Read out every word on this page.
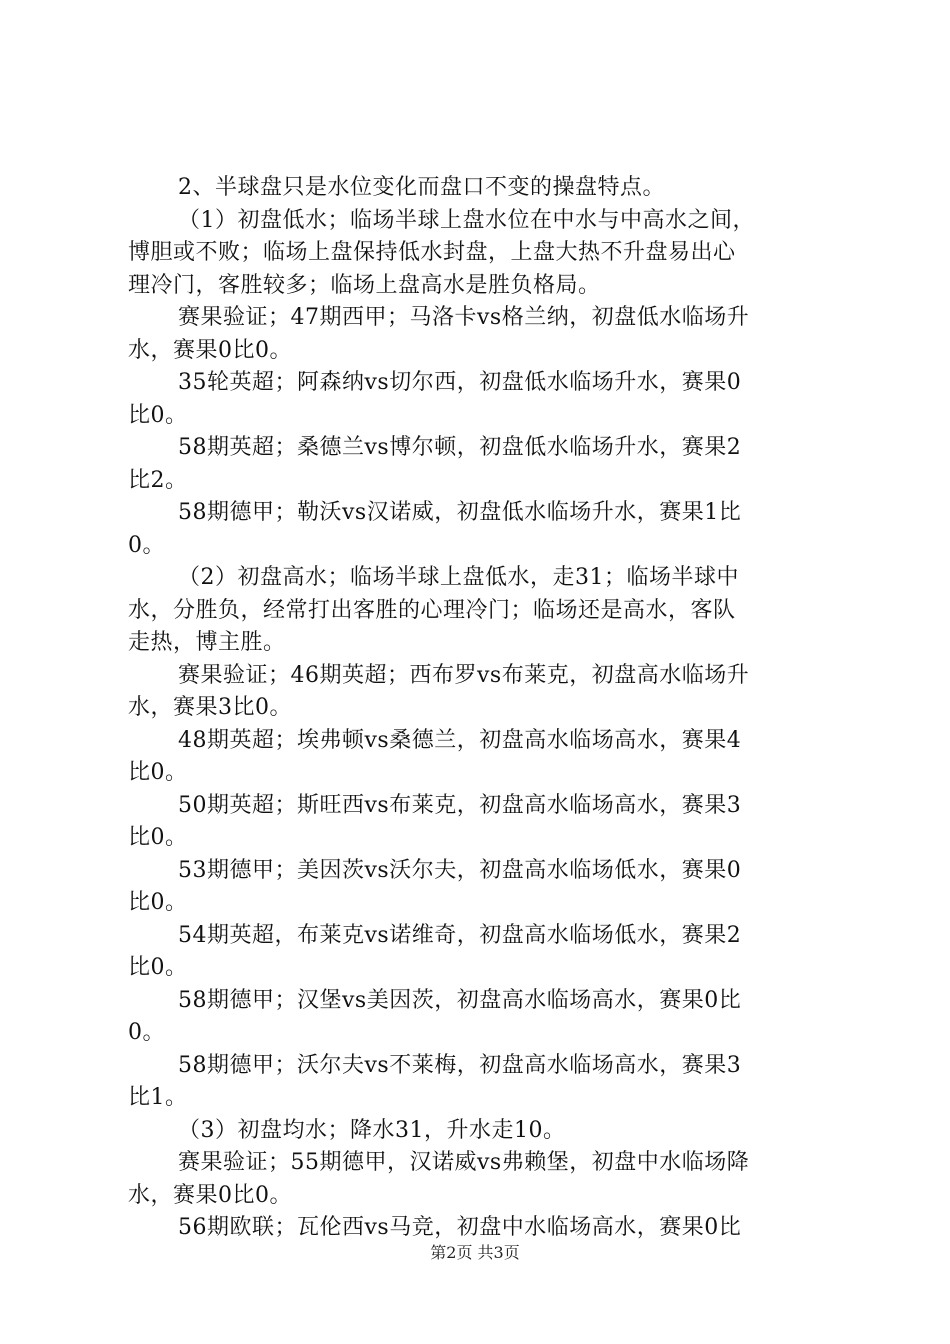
2、半球盘只是水位变化而盘口不变的操盘特点。
（1）初盘低水；临场半球上盘水位在中水与中高水之间，
博胆或不败；临场上盘保持低水封盘，上盘大热不升盘易出心
理冷门，客胜较多；临场上盘高水是胜负格局。
赛果验证；47期西甲；马洛卡vs格兰纳，初盘低水临场升
水，赛果0比0。
35轮英超；阿森纳vs切尔西，初盘低水临场升水，赛果0
比0。
58期英超；桑德兰vs博尔顿，初盘低水临场升水，赛果2
比2。
58期德甲；勒沃vs汉诺威，初盘低水临场升水，赛果1比
0。
（2）初盘高水；临场半球上盘低水，走31；临场半球中
水，分胜负，经常打出客胜的心理冷门；临场还是高水，客队
走热，博主胜。
赛果验证；46期英超；西布罗vs布莱克，初盘高水临场升
水，赛果3比0。
48期英超；埃弗顿vs桑德兰，初盘高水临场高水，赛果4
比0。
50期英超；斯旺西vs布莱克，初盘高水临场高水，赛果3
比0。
53期德甲；美因茨vs沃尔夫，初盘高水临场低水，赛果0
比0。
54期英超，布莱克vs诺维奇，初盘高水临场低水，赛果2
比0。
58期德甲；汉堡vs美因茨，初盘高水临场高水，赛果0比
0。
58期德甲；沃尔夫vs不莱梅，初盘高水临场高水，赛果3
比1。
（3）初盘均水；降水31，升水走10。
赛果验证；55期德甲，汉诺威vs弗赖堡，初盘中水临场降
水，赛果0比0。
56期欧联；瓦伦西vs马竞，初盘中水临场高水，赛果0比
第2页 共3页
